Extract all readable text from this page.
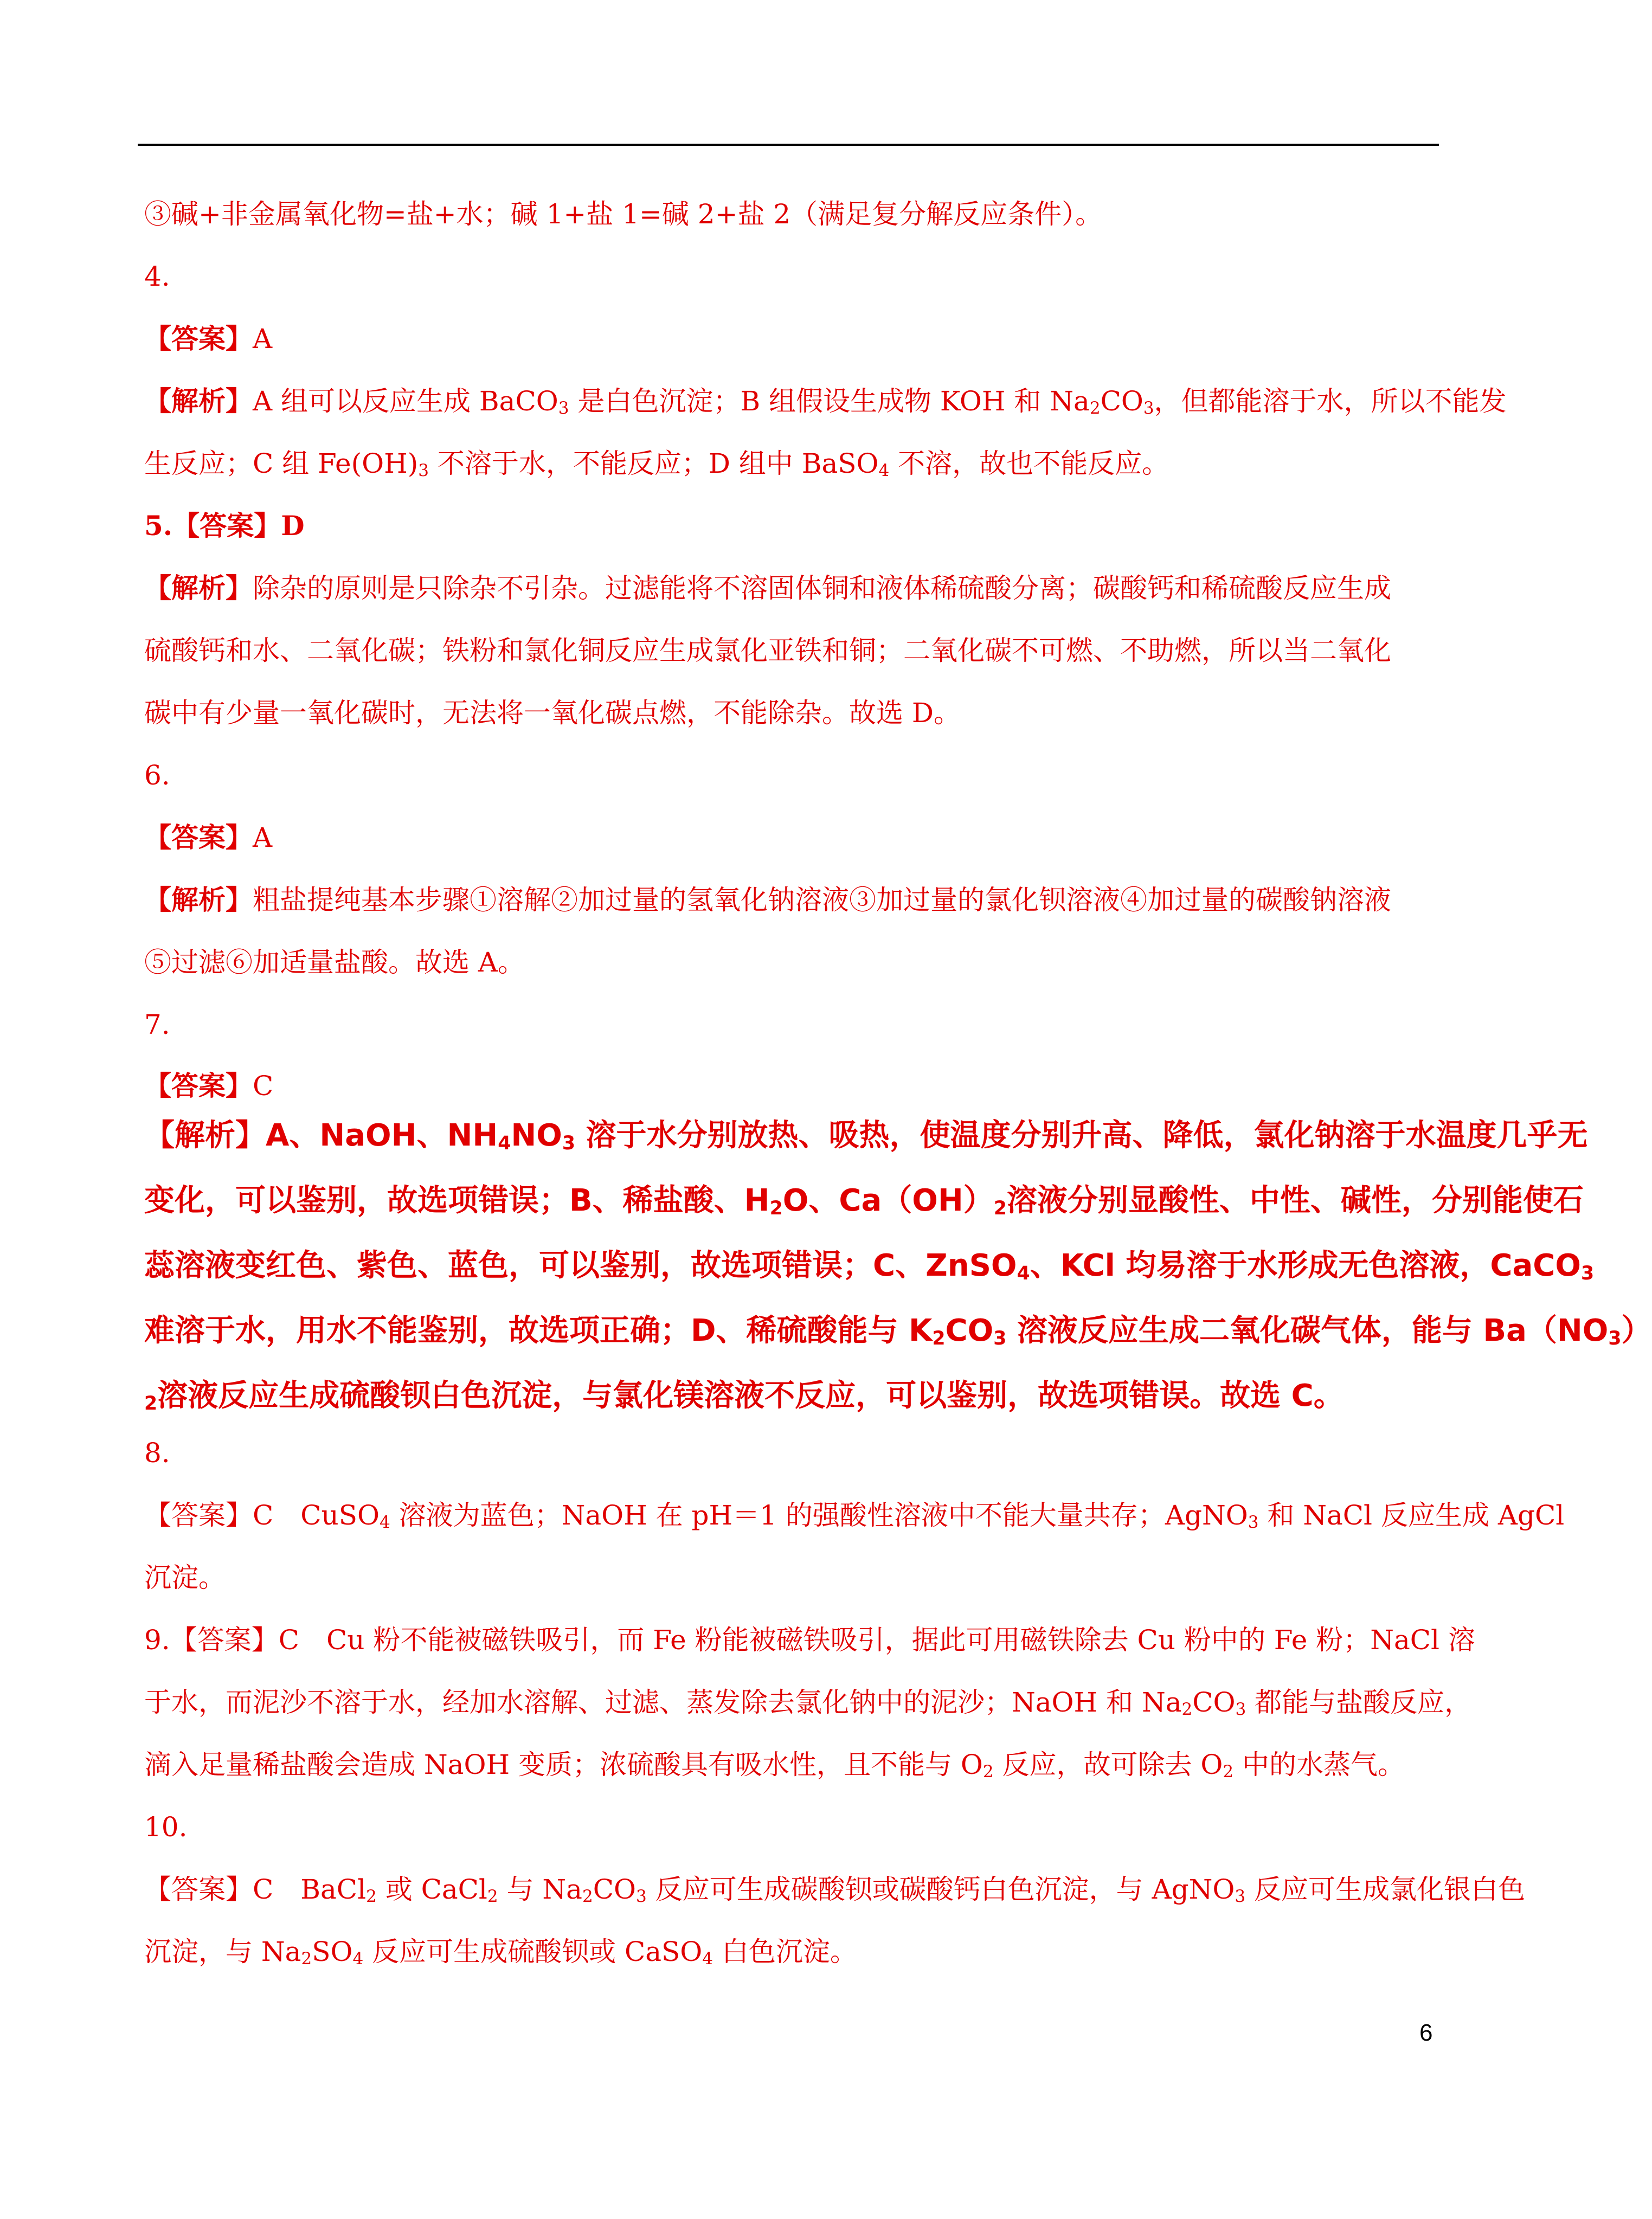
③碱+非金属氧化物=盐+水；碱 1+盐 1=碱 2+盐 2（满足复分解反应条件）。
4.
【答案】A
【解析】A 组可以反应生成 BaCO$_3$ 是白色沉淀；B 组假设生成物 KOH 和 $Na_2CO_3$，但都能溶于水，所以不能发
生反应；C 组 $Fe(OH)_3$ 不溶于水，不能反应；D 组中 BaSO$_4$ 不溶，故也不能反应。
5.【答案】D
【解析】除杂的原则是只除杂不引杂。过滤能将不溶固体铜和液体稀硫酸分离；碳酸钙和稀硫酸反应生成
硫酸钙和水、二氧化碳；铁粉和氯化铜反应生成氯化亚铁和铜；二氧化碳不可燃、不助燃，所以当二氧化
碳中有少量一氧化碳时，无法将一氧化碳点燃，不能除杂。故选 D。
6.
【答案】A
【解析】粗盐提纯基本步骤①溶解②加过量的氢氧化钠溶液③加过量的氯化钡溶液④加过量的碳酸钠溶液
⑤过滤⑥加适量盐酸。故选 A。
7.
【答案】C
【解析】A、NaOH、$NH_4NO_3$ 溶于水分别放热、吸热，使温度分别升高、降低，氯化钠溶于水温度几乎无
变化，可以鉴别，故选项错误；B、稀盐酸、$H_2O$、$Ca(OH)_2$溶液分别显酸性、中性、碱性，分别能使石
蕊溶液变红色、紫色、蓝色，可以鉴别，故选项错误；C、ZnSO$_4$、KCl 均易溶于水形成无色溶液，CaCO$_3$
难溶于水，用水不能鉴别，故选项正确；D、稀硫酸能与 $K_2CO_3$ 溶液反应生成二氧化碳气体，能与 $Ba(NO_3)$
$_2$溶液反应生成硫酸钡白色沉淀，与氯化镁溶液不反应，可以鉴别，故选项错误。故选 C。
8.
【答案】C　CuSO$_4$ 溶液为蓝色；NaOH 在 pH＝1 的强酸性溶液中不能大量共存；AgNO$_3$ 和 NaCl 反应生成 AgCl
沉淀。
9.【答案】C　Cu 粉不能被磁铁吸引，而 Fe 粉能被磁铁吸引，据此可用磁铁除去 Cu 粉中的 Fe 粉；NaCl 溶
于水，而泥沙不溶于水，经加水溶解、过滤、蒸发除去氯化钠中的泥沙；NaOH 和 $Na_2CO_3$ 都能与盐酸反应，
滴入足量稀盐酸会造成 NaOH 变质；浓硫酸具有吸水性，且不能与 $O_2$ 反应，故可除去 $O_2$ 中的水蒸气。
10.
【答案】C　BaCl$_2$ 或 CaCl$_2$ 与 $Na_2CO_3$ 反应可生成碳酸钡或碳酸钙白色沉淀，与 AgNO$_3$ 反应可生成氯化银白色
沉淀，与 $Na_2SO_4$ 反应可生成硫酸钡或 CaSO$_4$ 白色沉淀。
6
